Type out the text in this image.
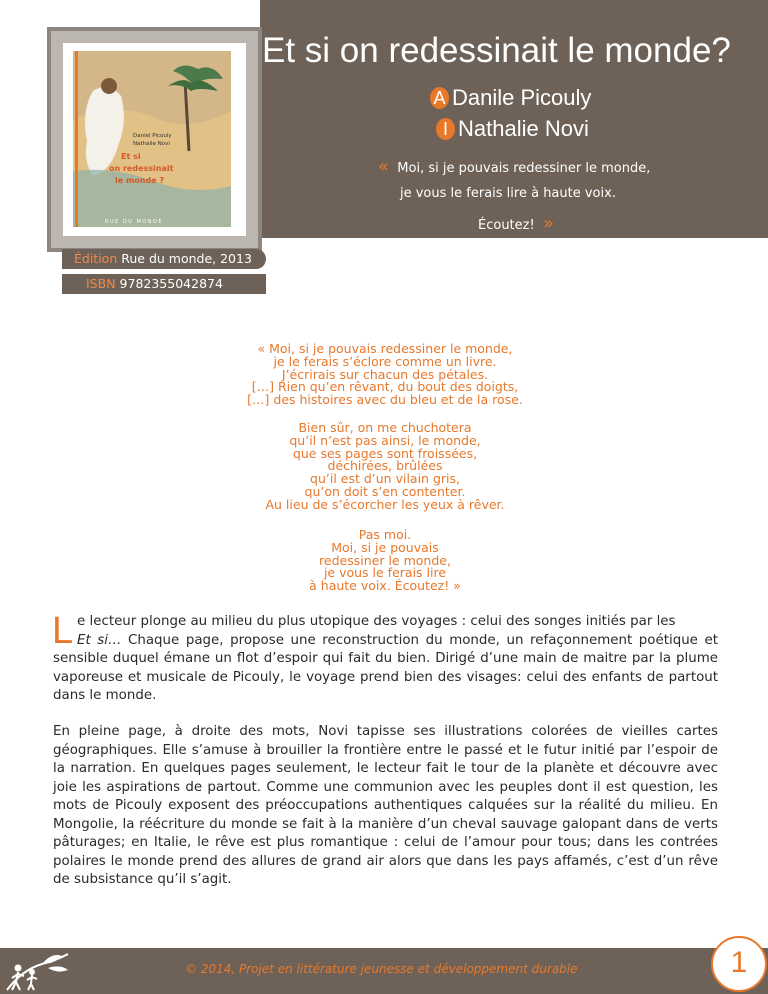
Et si on redessinait le monde?
A Danile Picouly
I Nathalie Novi
« Moi, si je pouvais redessiner le monde,
je vous le ferais lire à haute voix.
Écoutez! »
Daniel Picouly
Nathalie Novi
Et si
on redessinait
le monde ?
RUE DU MONDE
Édition Rue du monde, 2013
ISBN 9782355042874
« Moi, si je pouvais redessiner le monde,
je le ferais s’éclore comme un livre.
J’écrirais sur chacun des pétales.
[…] Rien qu’en rêvant, du bout des doigts,
[…] des histoires avec du bleu et de la rose.
Bien sûr, on me chuchotera
qu’il n’est pas ainsi, le monde,
que ses pages sont froissées,
déchirées, brûlées
qu’il est d’un vilain gris,
qu’on doit s’en contenter.
Au lieu de s’écorcher les yeux à rêver.
Pas moi.
Moi, si je pouvais
redessiner le monde,
je vous le ferais lire
à haute voix. Écoutez! »
L e lecteur plonge au milieu du plus utopique des voyages : celui des songes initiés par les
Et si… Chaque page, propose une reconstruction du monde, un refaçonnement poétique et sensible duquel émane un flot d’espoir qui fait du bien. Dirigé d’une main de maitre par la plume vaporeuse et musicale de Picouly, le voyage prend bien des visages: celui des enfants de partout dans le monde.
En pleine page, à droite des mots, Novi tapisse ses illustrations colorées de vieilles cartes géographiques. Elle s’amuse à brouiller la frontière entre le passé et le futur initié par l’espoir de la narration. En quelques pages seulement, le lecteur fait le tour de la planète et découvre avec joie les aspirations de partout. Comme une communion avec les peuples dont il est question, les mots de Picouly exposent des préoccupations authentiques calquées sur la réalité du milieu. En Mongolie, la réécriture du monde se fait à la manière d’un cheval sauvage galopant dans de verts pâturages; en Italie, le rêve est plus romantique : celui de l’amour pour tous; dans les contrées polaires le monde prend des allures de grand air alors que dans les pays affamés, c’est d’un rêve de subsistance qu’il s’agit.
© 2014, Projet en littérature jeunesse et développement durable	1
